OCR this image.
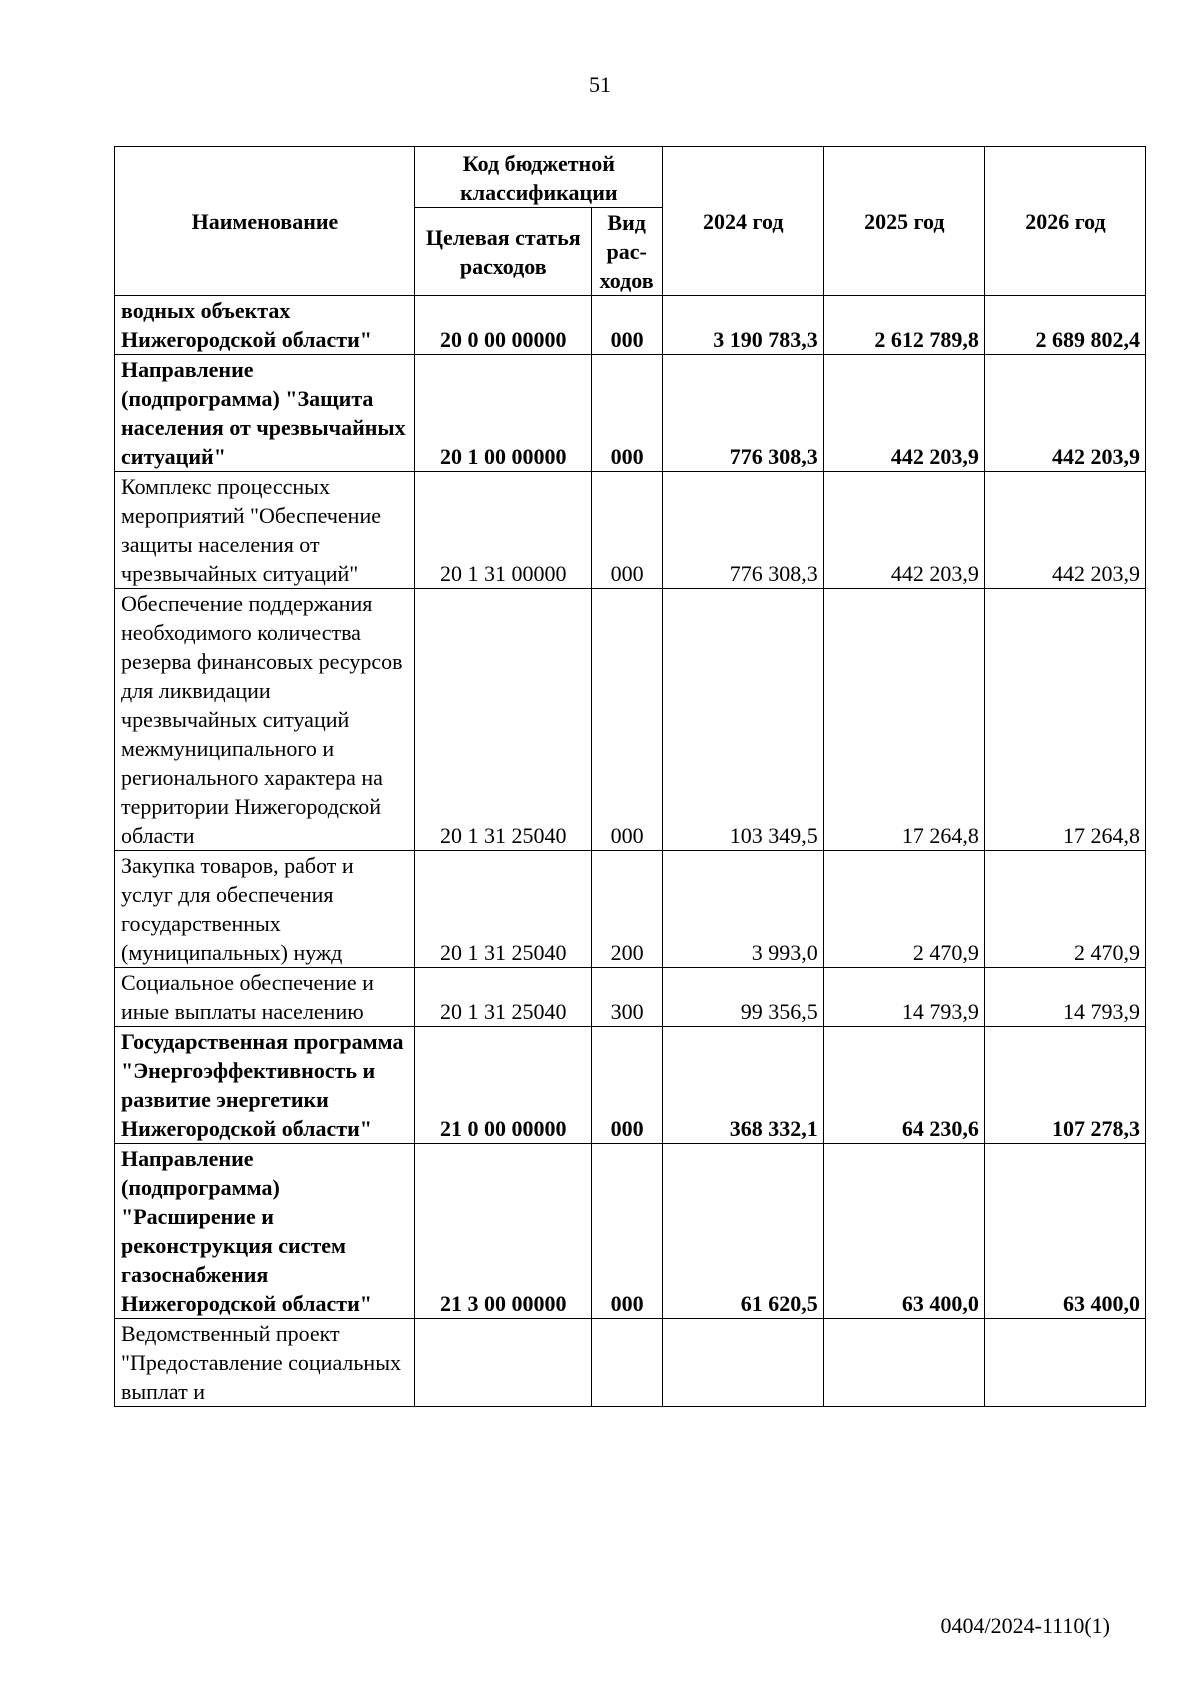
51
Наименование	Код бюджетной классификации		2024 год	2025 год	2026 год
	Целевая статья расходов	Вид рас-ходов			
водных объектах Нижегородской области"	20 0 00 00000	000	3 190 783,3	2 612 789,8	2 689 802,4
Направление (подпрограмма) "Защита населения от чрезвычайных ситуаций"	20 1 00 00000	000	776 308,3	442 203,9	442 203,9
Комплекс процессных мероприятий "Обеспечение защиты населения от чрезвычайных ситуаций"	20 1 31 00000	000	776 308,3	442 203,9	442 203,9
Обеспечение поддержания необходимого количества резерва финансовых ресурсов для ликвидации чрезвычайных ситуаций межмуниципального и регионального характера на территории Нижегородской области	20 1 31 25040	000	103 349,5	17 264,8	17 264,8
Закупка товаров, работ и услуг для обеспечения государственных (муниципальных) нужд	20 1 31 25040	200	3 993,0	2 470,9	2 470,9
Социальное обеспечение и иные выплаты населению	20 1 31 25040	300	99 356,5	14 793,9	14 793,9
Государственная программа "Энергоэффективность и развитие энергетики Нижегородской области"	21 0 00 00000	000	368 332,1	64 230,6	107 278,3
Направление (подпрограмма) "Расширение и реконструкция систем газоснабжения Нижегородской области"	21 3 00 00000	000	61 620,5	63 400,0	63 400,0
Ведомственный проект "Предоставление социальных выплат и					
0404/2024-1110(1)
